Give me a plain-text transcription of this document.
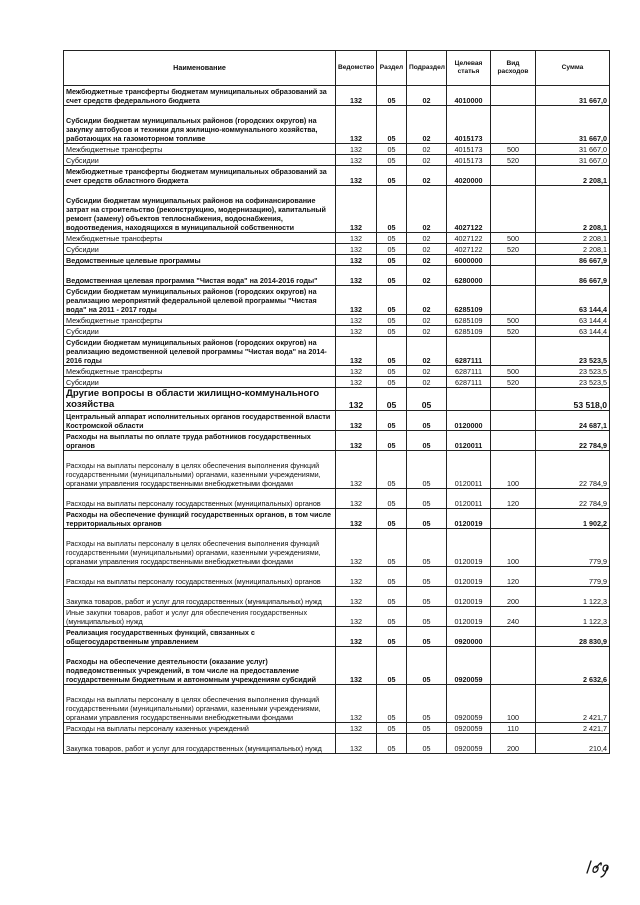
Наименование	Ведомство	Раздел	Подраздел	Целевая статья	Вид расходов	Сумма
Межбюджетные трансферты бюджетам муниципальных образований за счет средств федерального бюджета	132	05	02	4010000		31 667,0
Субсидии бюджетам муниципальных районов (городских округов) на закупку автобусов и техники для жилищно-коммунального хозяйства, работающих на газомоторном топливе	132	05	02	4015173		31 667,0
Межбюджетные трансферты	132	05	02	4015173	500	31 667,0
Субсидии	132	05	02	4015173	520	31 667,0
Межбюджетные трансферты бюджетам муниципальных образований за счет средств областного бюджета	132	05	02	4020000		2 208,1
Субсидии бюджетам муниципальных районов на софинансирование затрат на строительство (реконструкцию, модернизацию), капитальный ремонт (замену) объектов теплоснабжения, водоснабжения, водоотведения, находящихся в муниципальной собственности	132	05	02	4027122		2 208,1
Межбюджетные трансферты	132	05	02	4027122	500	2 208,1
Субсидии	132	05	02	4027122	520	2 208,1
Ведомственные целевые программы	132	05	02	6000000		86 667,9
Ведомственная целевая программа "Чистая вода" на 2014-2016 годы"	132	05	02	6280000		86 667,9
Субсидии бюджетам муниципальных районов (городских округов) на реализацию мероприятий федеральной целевой программы "Чистая вода" на 2011 - 2017 годы	132	05	02	6285109		63 144,4
Межбюджетные трансферты	132	05	02	6285109	500	63 144,4
Субсидии	132	05	02	6285109	520	63 144,4
Субсидии бюджетам муниципальных районов (городских округов) на реализацию ведомственной целевой программы "Чистая вода" на 2014-2016 годы	132	05	02	6287111		23 523,5
Межбюджетные трансферты	132	05	02	6287111	500	23 523,5
Субсидии	132	05	02	6287111	520	23 523,5
Другие вопросы в области жилищно-коммунального хозяйства	132	05	05			53 518,0
Центральный аппарат исполнительных органов государственной власти Костромской области	132	05	05	0120000		24 687,1
Расходы на выплаты по оплате труда работников государственных органов	132	05	05	0120011		22 784,9
Расходы на выплаты персоналу в целях обеспечения выполнения функций государственными (муниципальными) органами, казенными учреждениями, органами управления государственными внебюджетными фондами	132	05	05	0120011	100	22 784,9
Расходы на выплаты персоналу государственных (муниципальных) органов	132	05	05	0120011	120	22 784,9
Расходы на обеспечение функций государственных органов, в том числе территориальных органов	132	05	05	0120019		1 902,2
Расходы на выплаты персоналу в целях обеспечения выполнения функций государственными (муниципальными) органами, казенными учреждениями, органами управления государственными внебюджетными фондами	132	05	05	0120019	100	779,9
Расходы на выплаты персоналу государственных (муниципальных) органов	132	05	05	0120019	120	779,9
Закупка товаров, работ и услуг для государственных (муниципальных) нужд	132	05	05	0120019	200	1 122,3
Иные закупки товаров, работ и услуг для обеспечения государственных (муниципальных) нужд	132	05	05	0120019	240	1 122,3
Реализация государственных функций, связанных с общегосударственным управлением	132	05	05	0920000		28 830,9
Расходы на обеспечение деятельности (оказание услуг) подведомственных учреждений, в том числе на предоставление государственным бюджетным и автономным учреждениям субсидий	132	05	05	0920059		2 632,6
Расходы на выплаты персоналу в целях обеспечения выполнения функций государственными (муниципальными) органами, казенными учреждениями, органами управления государственными внебюджетными фондами	132	05	05	0920059	100	2 421,7
Расходы на выплаты персоналу казенных учреждений	132	05	05	0920059	110	2 421,7
Закупка товаров, работ и услуг для государственных (муниципальных) нужд	132	05	05	0920059	200	210,4
